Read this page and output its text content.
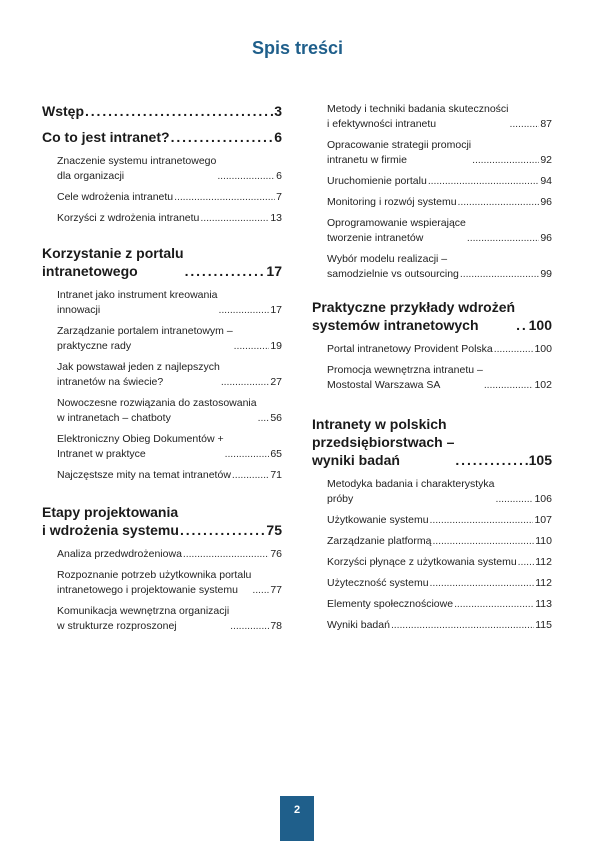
Spis treści
Wstęp . . .	3
Co to jest intranet? . . .	6
Znaczenie systemu intranetowego
dla organizacji . . .	6
Cele wdrożenia intranetu . . .	7
Korzyści z wdrożenia intranetu . . .	13
Korzystanie z portalu
intranetowego . . .	17
Intranet jako instrument kreowania
innowacji . . .	17
Zarządzanie portalem intranetowym –
praktyczne rady . . .	19
Jak powstawał jeden z najlepszych
intranetów na świecie? . . .	27
Nowoczesne rozwiązania do zastosowania
w intranetach – chatboty . . .	56
Elektroniczny Obieg Dokumentów +
Intranet w praktyce . . .	65
Najczęstsze mity na temat intranetów . . .	71
Etapy projektowania
i wdrożenia systemu . . .	75
Analiza przedwdrożeniowa . . .	76
Rozpoznanie potrzeb użytkownika portalu
intranetowego i projektowanie systemu . . .	77
Komunikacja wewnętrzna organizacji
w strukturze rozproszonej . . .	78
Metody i techniki badania skuteczności
i efektywności intranetu . . .	87
Opracowanie strategii promocji
intranetu w firmie . . .	92
Uruchomienie portalu . . .	94
Monitoring i rozwój systemu . . .	96
Oprogramowanie wspierające
tworzenie intranetów . . .	96
Wybór modelu realizacji –
samodzielnie vs outsourcing . . .	99
Praktyczne przykłady wdrożeń
systemów intranetowych . . .	100
Portal intranetowy Provident Polska . . .	100
Promocja wewnętrzna intranetu –
Mostostal Warszawa SA . . .	102
Intranety w polskich
przedsiębiorstwach –
wyniki badań . . .	105
Metodyka badania i charakterystyka
próby . . .	106
Użytkowanie systemu . . .	107
Zarządzanie platformą . . .	110
Korzyści płynące z użytkowania systemu . . . 112
Użyteczność systemu . . .	112
Elementy społecznościowe . . .	113
Wyniki badań . . .	115
2
